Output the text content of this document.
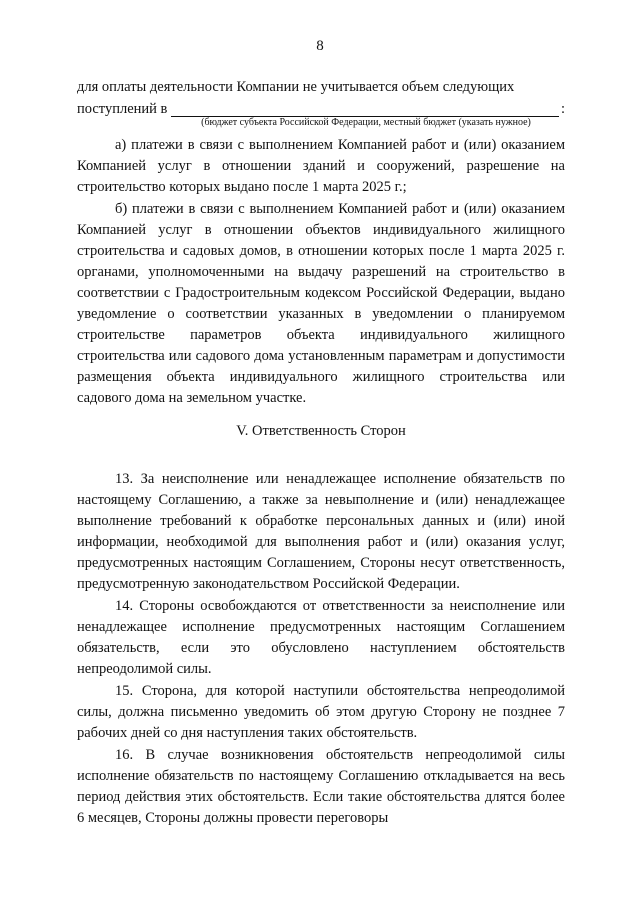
8

для оплаты деятельности Компании не учитывается объем следующих

поступлений в	:
(бюджет субъекта Российской Федерации, местный бюджет (указать нужное)

а) платежи в связи с выполнением Компанией работ и (или) оказанием Компанией услуг в отношении зданий и сооружений, разрешение на строительство которых выдано после 1 марта 2025 г.;

б) платежи в связи с выполнением Компанией работ и (или) оказанием Компанией услуг в отношении объектов индивидуального жилищного строительства и садовых домов, в отношении которых после 1 марта 2025 г. органами, уполномоченными на выдачу разрешений на строительство в соответствии с Градостроительным кодексом Российской Федерации, выдано уведомление о соответствии указанных в уведомлении о планируемом строительстве параметров объекта индивидуального жилищного строительства или садового дома установленным параметрам и допустимости размещения объекта индивидуального жилищного строительства или садового дома на земельном участке.

V. Ответственность Сторон

13. За неисполнение или ненадлежащее исполнение обязательств по настоящему Соглашению, а также за невыполнение и (или) ненадлежащее выполнение требований к обработке персональных данных и (или) иной информации, необходимой для выполнения работ и (или) оказания услуг, предусмотренных настоящим Соглашением, Стороны несут ответственность, предусмотренную законодательством Российской Федерации.

14. Стороны освобождаются от ответственности за неисполнение или ненадлежащее исполнение предусмотренных настоящим Соглашением обязательств, если это обусловлено наступлением обстоятельств непреодолимой силы.

15. Сторона, для которой наступили обстоятельства непреодолимой силы, должна письменно уведомить об этом другую Сторону не позднее 7 рабочих дней со дня наступления таких обстоятельств.

16. В случае возникновения обстоятельств непреодолимой силы исполнение обязательств по настоящему Соглашению откладывается на весь период действия этих обстоятельств. Если такие обстоятельства длятся более 6 месяцев, Стороны должны провести переговоры
